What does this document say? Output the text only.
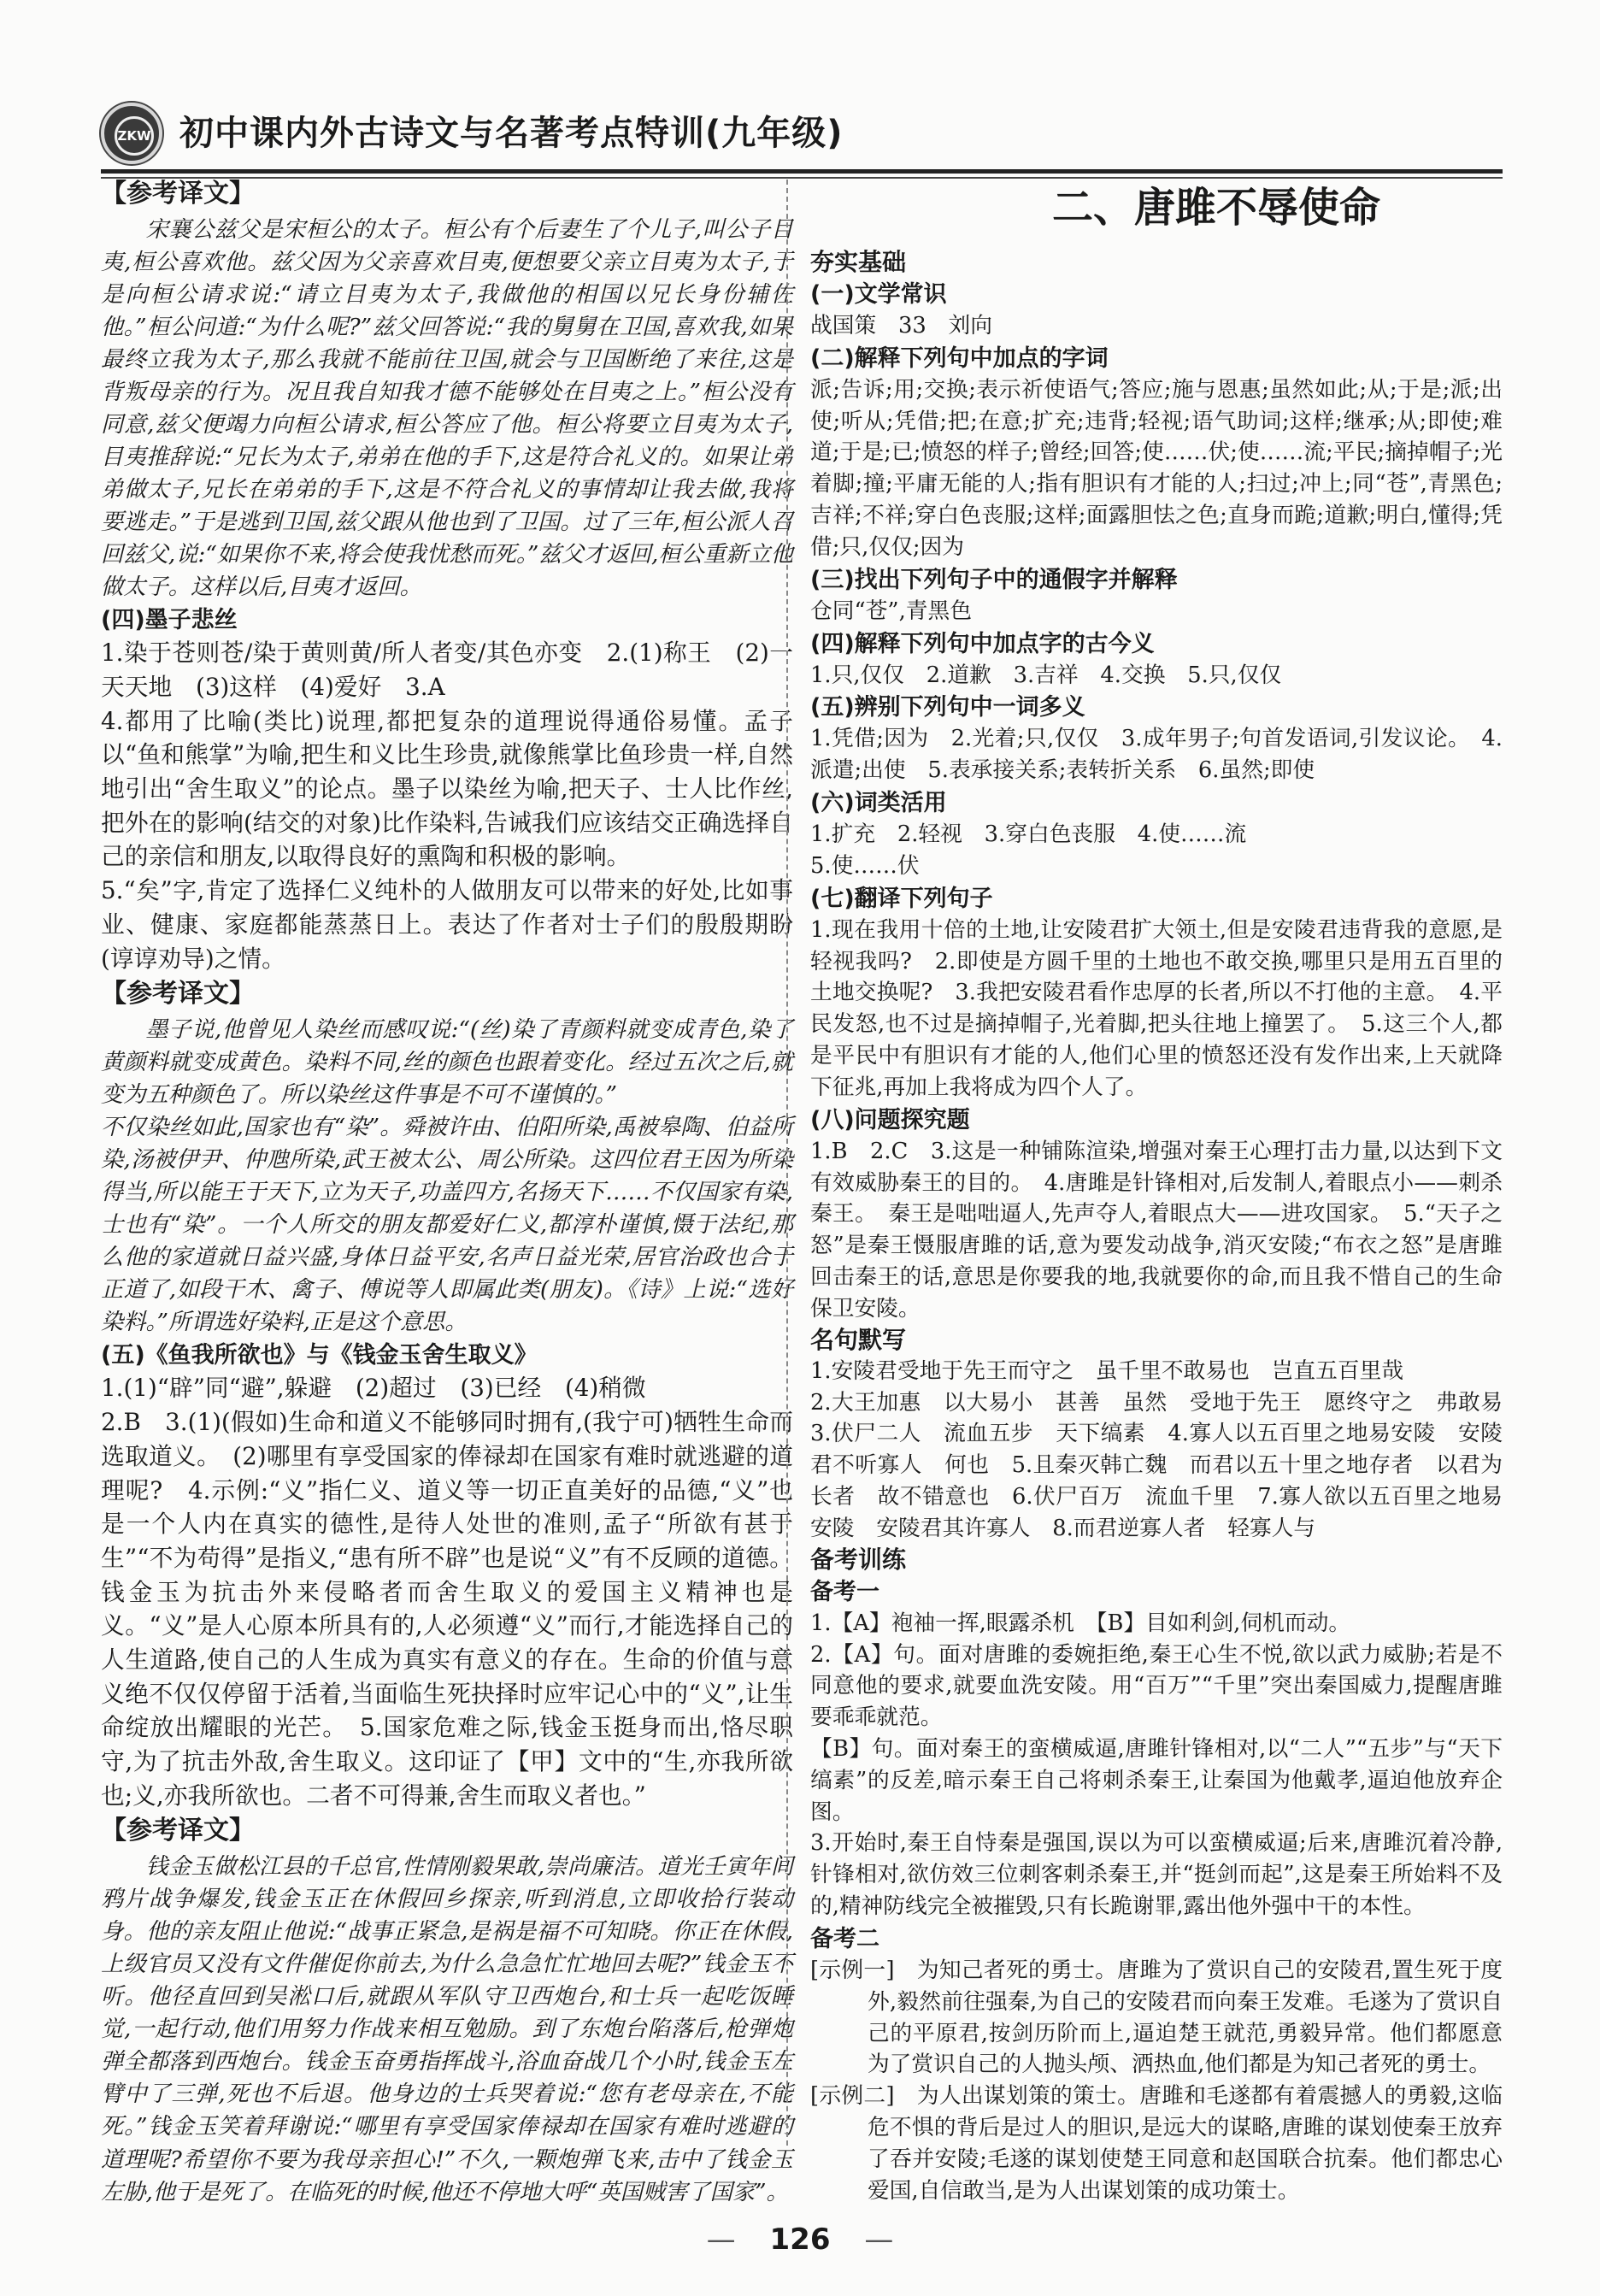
ZKW 初中课内外古诗文与名著考点特训(九年级)
【参考译文】
宋襄公兹父是宋桓公的太子。桓公有个后妻生了个儿子,叫公子目夷,桓公喜欢他。兹父因为父亲喜欢目夷,便想要父亲立目夷为太子,于是向桓公请求说:“请立目夷为太子,我做他的相国以兄长身份辅佐他。”桓公问道:“为什么呢?”兹父回答说:“我的舅舅在卫国,喜欢我,如果最终立我为太子,那么我就不能前往卫国,就会与卫国断绝了来往,这是背叛母亲的行为。况且我自知我才德不能够处在目夷之上。”桓公没有同意,兹父便竭力向桓公请求,桓公答应了他。桓公将要立目夷为太子,目夷推辞说:“兄长为太子,弟弟在他的手下,这是符合礼义的。如果让弟弟做太子,兄长在弟弟的手下,这是不符合礼义的事情却让我去做,我将要逃走。”于是逃到卫国,兹父跟从他也到了卫国。过了三年,桓公派人召回兹父,说:“如果你不来,将会使我忧愁而死。”兹父才返回,桓公重新立他做太子。这样以后,目夷才返回。
(四)墨子悲丝
1.染于苍则苍/染于黄则黄/所人者变/其色亦变　2.(1)称王　(2)一天天地　(3)这样　(4)爱好　3.A
4.都用了比喻(类比)说理,都把复杂的道理说得通俗易懂。孟子以“鱼和熊掌”为喻,把生和义比生珍贵,就像熊掌比鱼珍贵一样,自然地引出“舍生取义”的论点。墨子以染丝为喻,把天子、士人比作丝,把外在的影响(结交的对象)比作染料,告诫我们应该结交正确选择自己的亲信和朋友,以取得良好的熏陶和积极的影响。
5.“矣”字,肯定了选择仁义纯朴的人做朋友可以带来的好处,比如事业、健康、家庭都能蒸蒸日上。表达了作者对士子们的殷殷期盼(谆谆劝导)之情。
【参考译文】
墨子说,他曾见人染丝而感叹说:“(丝)染了青颜料就变成青色,染了黄颜料就变成黄色。染料不同,丝的颜色也跟着变化。经过五次之后,就变为五种颜色了。所以染丝这件事是不可不谨慎的。”
不仅染丝如此,国家也有“染”。舜被许由、伯阳所染,禹被皋陶、伯益所染,汤被伊尹、仲虺所染,武王被太公、周公所染。这四位君王因为所染得当,所以能王于天下,立为天子,功盖四方,名扬天下……不仅国家有染,士也有“染”。一个人所交的朋友都爱好仁义,都淳朴谨慎,慑于法纪,那么他的家道就日益兴盛,身体日益平安,名声日益光荣,居官治政也合于正道了,如段干木、禽子、傅说等人即属此类(朋友)。《诗》上说:“选好染料。”所谓选好染料,正是这个意思。
(五)《鱼我所欲也》与《钱金玉舍生取义》
1.(1)“辟”同“避”,躲避　(2)超过　(3)已经　(4)稍微
2.B　3.(1)(假如)生命和道义不能够同时拥有,(我宁可)牺牲生命而选取道义。　(2)哪里有享受国家的俸禄却在国家有难时就逃避的道理呢?　4.示例:“义”指仁义、道义等一切正直美好的品德,“义”也是一个人内在真实的德性,是待人处世的准则,孟子“所欲有甚于生”“不为苟得”是指义,“患有所不辟”也是说“义”有不反顾的道德。钱金玉为抗击外来侵略者而舍生取义的爱国主义精神也是义。“义”是人心原本所具有的,人必须遵“义”而行,才能选择自己的人生道路,使自己的人生成为真实有意义的存在。生命的价值与意义绝不仅仅停留于活着,当面临生死抉择时应牢记心中的“义”,让生命绽放出耀眼的光芒。　5.国家危难之际,钱金玉挺身而出,恪尽职守,为了抗击外敌,舍生取义。这印证了【甲】文中的“生,亦我所欲也;义,亦我所欲也。二者不可得兼,舍生而取义者也。”
【参考译文】
钱金玉做松江县的千总官,性情刚毅果敢,崇尚廉洁。道光壬寅年间鸦片战争爆发,钱金玉正在休假回乡探亲,听到消息,立即收拾行装动身。他的亲友阻止他说:“战事正紧急,是祸是福不可知晓。你正在休假,上级官员又没有文件催促你前去,为什么急急忙忙地回去呢?”钱金玉不听。他径直回到吴淞口后,就跟从军队守卫西炮台,和士兵一起吃饭睡觉,一起行动,他们用努力作战来相互勉励。到了东炮台陷落后,枪弹炮弹全都落到西炮台。钱金玉奋勇指挥战斗,浴血奋战几个小时,钱金玉左臂中了三弹,死也不后退。他身边的士兵哭着说:“您有老母亲在,不能死。”钱金玉笑着拜谢说:“哪里有享受国家俸禄却在国家有难时逃避的道理呢?希望你不要为我母亲担心!”不久,一颗炮弹飞来,击中了钱金玉左胁,他于是死了。在临死的时候,他还不停地大呼“英国贼害了国家”。
二、唐雎不辱使命
夯实基础
(一)文学常识
战国策　33　刘向
(二)解释下列句中加点的字词
派;告诉;用;交换;表示祈使语气;答应;施与恩惠;虽然如此;从;于是;派;出使;听从;凭借;把;在意;扩充;违背;轻视;语气助词;这样;继承;从;即使;难道;于是;已;愤怒的样子;曾经;回答;使……伏;使……流;平民;摘掉帽子;光着脚;撞;平庸无能的人;指有胆识有才能的人;扫过;冲上;同“苍”,青黑色;吉祥;不祥;穿白色丧服;这样;面露胆怯之色;直身而跪;道歉;明白,懂得;凭借;只,仅仅;因为
(三)找出下列句子中的通假字并解释
仓同“苍”,青黑色
(四)解释下列句中加点字的古今义
1.只,仅仅　2.道歉　3.吉祥　4.交换　5.只,仅仅
(五)辨别下列句中一词多义
1.凭借;因为　2.光着;只,仅仅　3.成年男子;句首发语词,引发议论。　4.派遣;出使　5.表承接关系;表转折关系　6.虽然;即使
(六)词类活用
1.扩充　2.轻视　3.穿白色丧服　4.使……流
5.使……伏
(七)翻译下列句子
1.现在我用十倍的土地,让安陵君扩大领土,但是安陵君违背我的意愿,是轻视我吗?　2.即使是方圆千里的土地也不敢交换,哪里只是用五百里的土地交换呢?　3.我把安陵君看作忠厚的长者,所以不打他的主意。　4.平民发怒,也不过是摘掉帽子,光着脚,把头往地上撞罢了。　5.这三个人,都是平民中有胆识有才能的人,他们心里的愤怒还没有发作出来,上天就降下征兆,再加上我将成为四个人了。
(八)问题探究题
1.B　2.C　3.这是一种铺陈渲染,增强对秦王心理打击力量,以达到下文有效威胁秦王的目的。　4.唐雎是针锋相对,后发制人,着眼点小——刺杀秦王。　秦王是咄咄逼人,先声夺人,着眼点大——进攻国家。　5.“天子之怒”是秦王慑服唐雎的话,意为要发动战争,消灭安陵;“布衣之怒”是唐雎回击秦王的话,意思是你要我的地,我就要你的命,而且我不惜自己的生命保卫安陵。
名句默写
1.安陵君受地于先王而守之　虽千里不敢易也　岂直五百里哉
2.大王加惠　以大易小　甚善　虽然　受地于先王　愿终守之　弗敢易　3.伏尸二人　流血五步　天下缟素　4.寡人以五百里之地易安陵　安陵君不听寡人　何也　5.且秦灭韩亡魏　而君以五十里之地存者　以君为长者　故不错意也　6.伏尸百万　流血千里　7.寡人欲以五百里之地易安陵　安陵君其许寡人　8.而君逆寡人者　轻寡人与
备考训练
备考一
1.【A】袍袖一挥,眼露杀机　【B】目如利剑,伺机而动。
2.【A】句。面对唐雎的委婉拒绝,秦王心生不悦,欲以武力威胁;若是不同意他的要求,就要血洗安陵。用“百万”“千里”突出秦国威力,提醒唐雎要乖乖就范。
【B】句。面对秦王的蛮横威逼,唐雎针锋相对,以“二人”“五步”与“天下缟素”的反差,暗示秦王自己将刺杀秦王,让秦国为他戴孝,逼迫他放弃企图。
3.开始时,秦王自恃秦是强国,误以为可以蛮横威逼;后来,唐雎沉着冷静,针锋相对,欲仿效三位刺客刺杀秦王,并“挺剑而起”,这是秦王所始料不及的,精神防线完全被摧毁,只有长跪谢罪,露出他外强中干的本性。
备考二
[示例一]　为知己者死的勇士。唐雎为了赏识自己的安陵君,置生死于度外,毅然前往强秦,为自己的安陵君而向秦王发难。毛遂为了赏识自己的平原君,按剑历阶而上,逼迫楚王就范,勇毅异常。他们都愿意为了赏识自己的人抛头颅、洒热血,他们都是为知己者死的勇士。
[示例二]　为人出谋划策的策士。唐雎和毛遂都有着震撼人的勇毅,这临危不惧的背后是过人的胆识,是远大的谋略,唐雎的谋划使秦王放弃了吞并安陵;毛遂的谋划使楚王同意和赵国联合抗秦。他们都忠心爱国,自信敢当,是为人出谋划策的成功策士。
— 126 —
